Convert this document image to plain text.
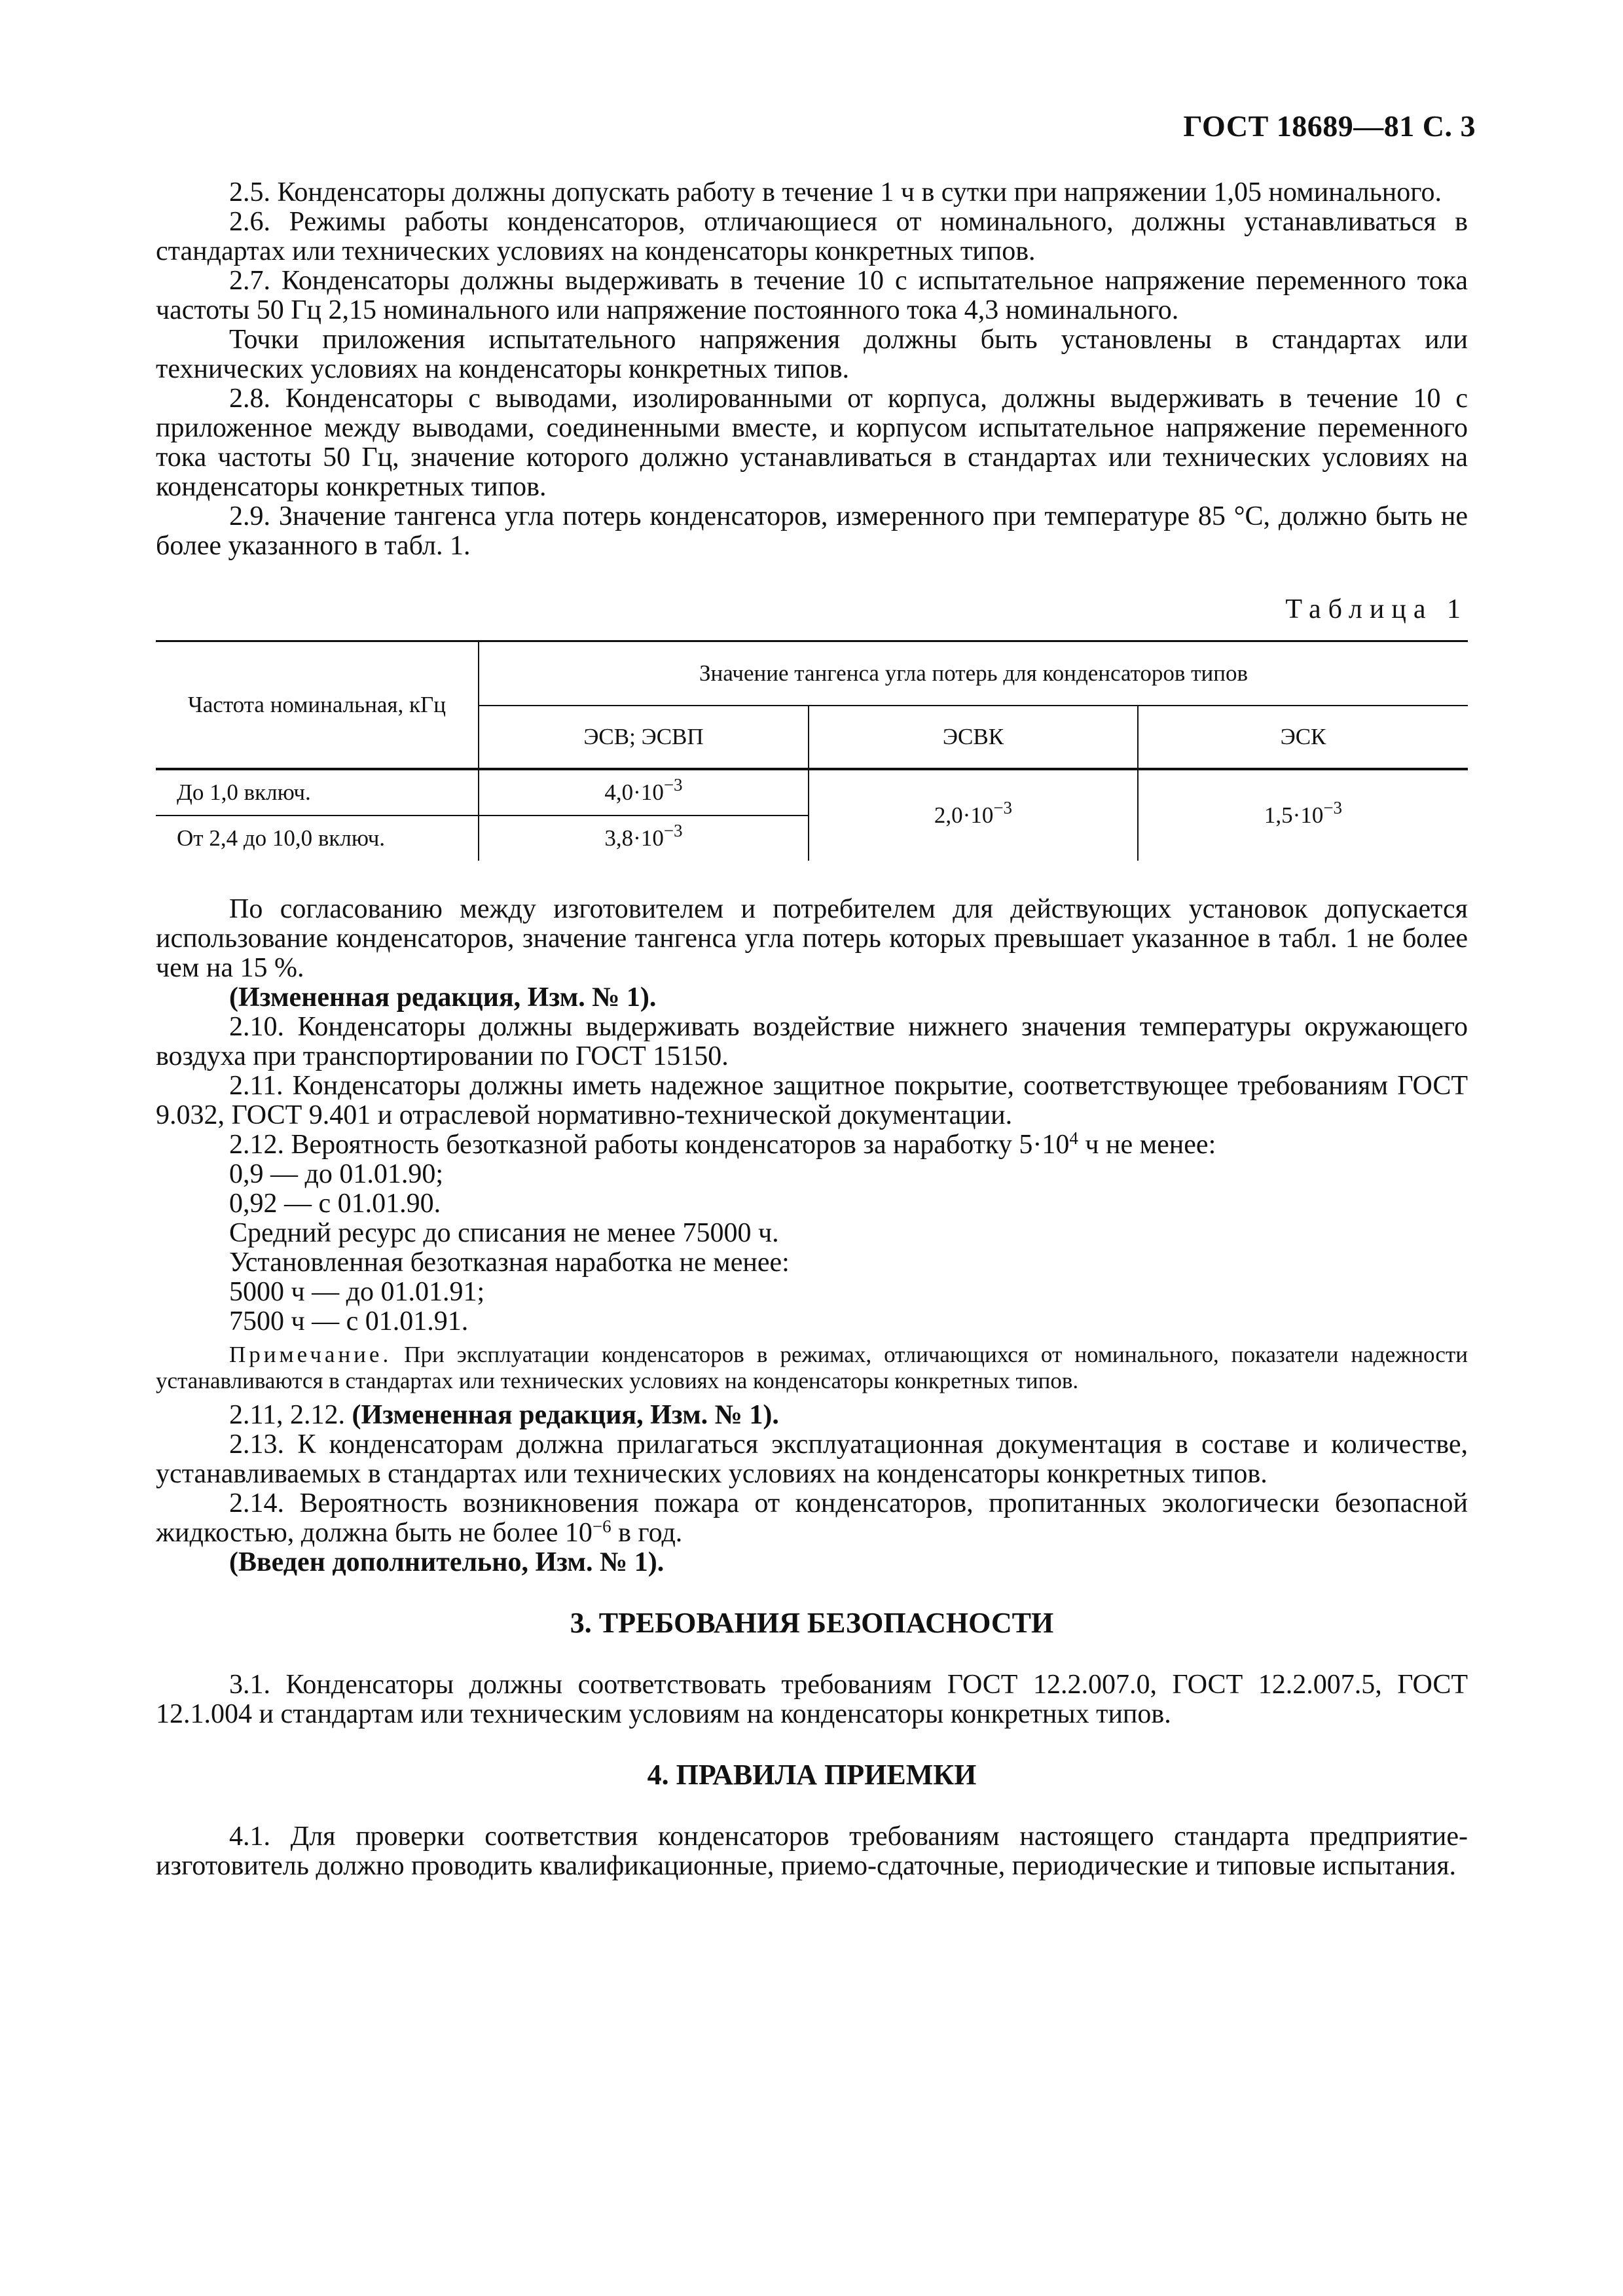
ГОСТ 18689—81 С. 3

2.5. Конденсаторы должны допускать работу в течение 1 ч в сутки при напряжении 1,05 номинального.

2.6. Режимы работы конденсаторов, отличающиеся от номинального, должны устанавливаться в стандартах или технических условиях на конденсаторы конкретных типов.

2.7. Конденсаторы должны выдерживать в течение 10 с испытательное напряжение переменного тока частоты 50 Гц 2,15 номинального или напряжение постоянного тока 4,3 номинального.

Точки приложения испытательного напряжения должны быть установлены в стандартах или технических условиях на конденсаторы конкретных типов.

2.8. Конденсаторы с выводами, изолированными от корпуса, должны выдерживать в течение 10 с приложенное между выводами, соединенными вместе, и корпусом испытательное напряжение переменного тока частоты 50 Гц, значение которого должно устанавливаться в стандартах или технических условиях на конденсаторы конкретных типов.

2.9. Значение тангенса угла потерь конденсаторов, измеренного при температуре 85 °С, должно быть не более указанного в табл. 1.

Таблица 1

Частота номинальная, кГц	Значение тангенса угла потерь для конденсаторов типов		
	ЭСВ; ЭСВП	ЭСВК	ЭСК
До 1,0 включ.	$4,0\cdot 10^{-3}$	$2,0\cdot 10^{-3}$	$1,5\cdot 10^{-3}$
От 2,4 до 10,0 включ.	$3,8\cdot 10^{-3}$

По согласованию между изготовителем и потребителем для действующих установок допускается использование конденсаторов, значение тангенса угла потерь которых превышает указанное в табл. 1 не более чем на 15 %.

(Измененная редакция, Изм. № 1).

2.10. Конденсаторы должны выдерживать воздействие нижнего значения температуры окружающего воздуха при транспортировании по ГОСТ 15150.

2.11. Конденсаторы должны иметь надежное защитное покрытие, соответствующее требованиям ГОСТ 9.032, ГОСТ 9.401 и отраслевой нормативно-технической документации.

2.12. Вероятность безотказной работы конденсаторов за наработку $5\cdot 10^4$ ч не менее:

0,9 — до 01.01.90;

0,92 — с 01.01.90.

Средний ресурс до списания не менее 75000 ч.

Установленная безотказная наработка не менее:

5000 ч — до 01.01.91;

7500 ч — с 01.01.91.

Примечание. При эксплуатации конденсаторов в режимах, отличающихся от номинального, показатели надежности устанавливаются в стандартах или технических условиях на конденсаторы конкретных типов.

2.11, 2.12. (Измененная редакция, Изм. № 1).

2.13. К конденсаторам должна прилагаться эксплуатационная документация в составе и количестве, устанавливаемых в стандартах или технических условиях на конденсаторы конкретных типов.

2.14. Вероятность возникновения пожара от конденсаторов, пропитанных экологически безопасной жидкостью, должна быть не более $10^{-6}$ в год.

(Введен дополнительно, Изм. № 1).

3. ТРЕБОВАНИЯ БЕЗОПАСНОСТИ

3.1. Конденсаторы должны соответствовать требованиям ГОСТ 12.2.007.0, ГОСТ 12.2.007.5, ГОСТ 12.1.004 и стандартам или техническим условиям на конденсаторы конкретных типов.

4. ПРАВИЛА ПРИЕМКИ

4.1. Для проверки соответствия конденсаторов требованиям настоящего стандарта предприятие-изготовитель должно проводить квалификационные, приемо-сдаточные, периодические и типовые испытания.
